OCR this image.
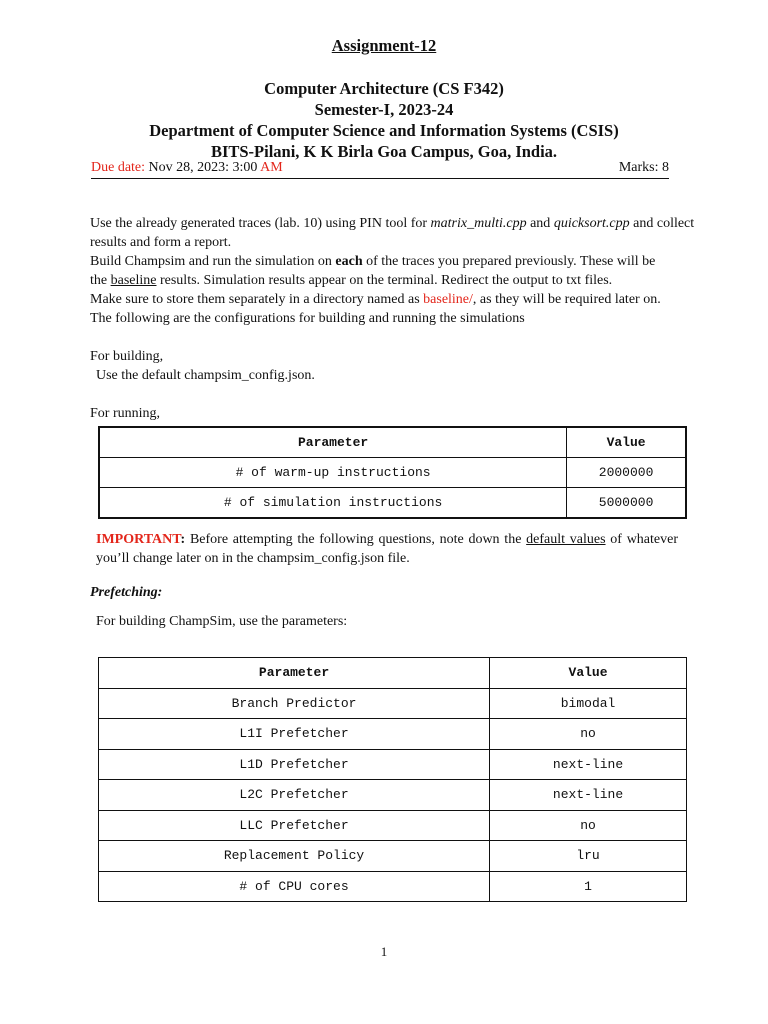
Assignment-12
Computer Architecture (CS F342)
Semester-I, 2023-24
Department of Computer Science and Information Systems (CSIS)
BITS-Pilani, K K Birla Goa Campus, Goa, India.
Due date: Nov 28, 2023: 3:00 AM	Marks: 8
Use the already generated traces (lab. 10) using PIN tool for matrix_multi.cpp and quicksort.cpp and collect
results and form a report.
Build Champsim and run the simulation on each of the traces you prepared previously. These will be
the baseline results. Simulation results appear on the terminal. Redirect the output to txt files.
Make sure to store them separately in a directory named as baseline/, as they will be required later on.
The following are the configurations for building and running the simulations
For building,
Use the default champsim_config.json.
For running,
Parameter	Value
# of warm-up instructions	2000000
# of simulation instructions	5000000
IMPORTANT: Before attempting the following questions, note down the default values of whatever
you’ll change later on in the champsim_config.json file.
Prefetching:
For building ChampSim, use the parameters:
Parameter	Value
Branch Predictor	bimodal
L1I Prefetcher	no
L1D Prefetcher	next-line
L2C Prefetcher	next-line
LLC Prefetcher	no
Replacement Policy	lru
# of CPU cores	1
1
